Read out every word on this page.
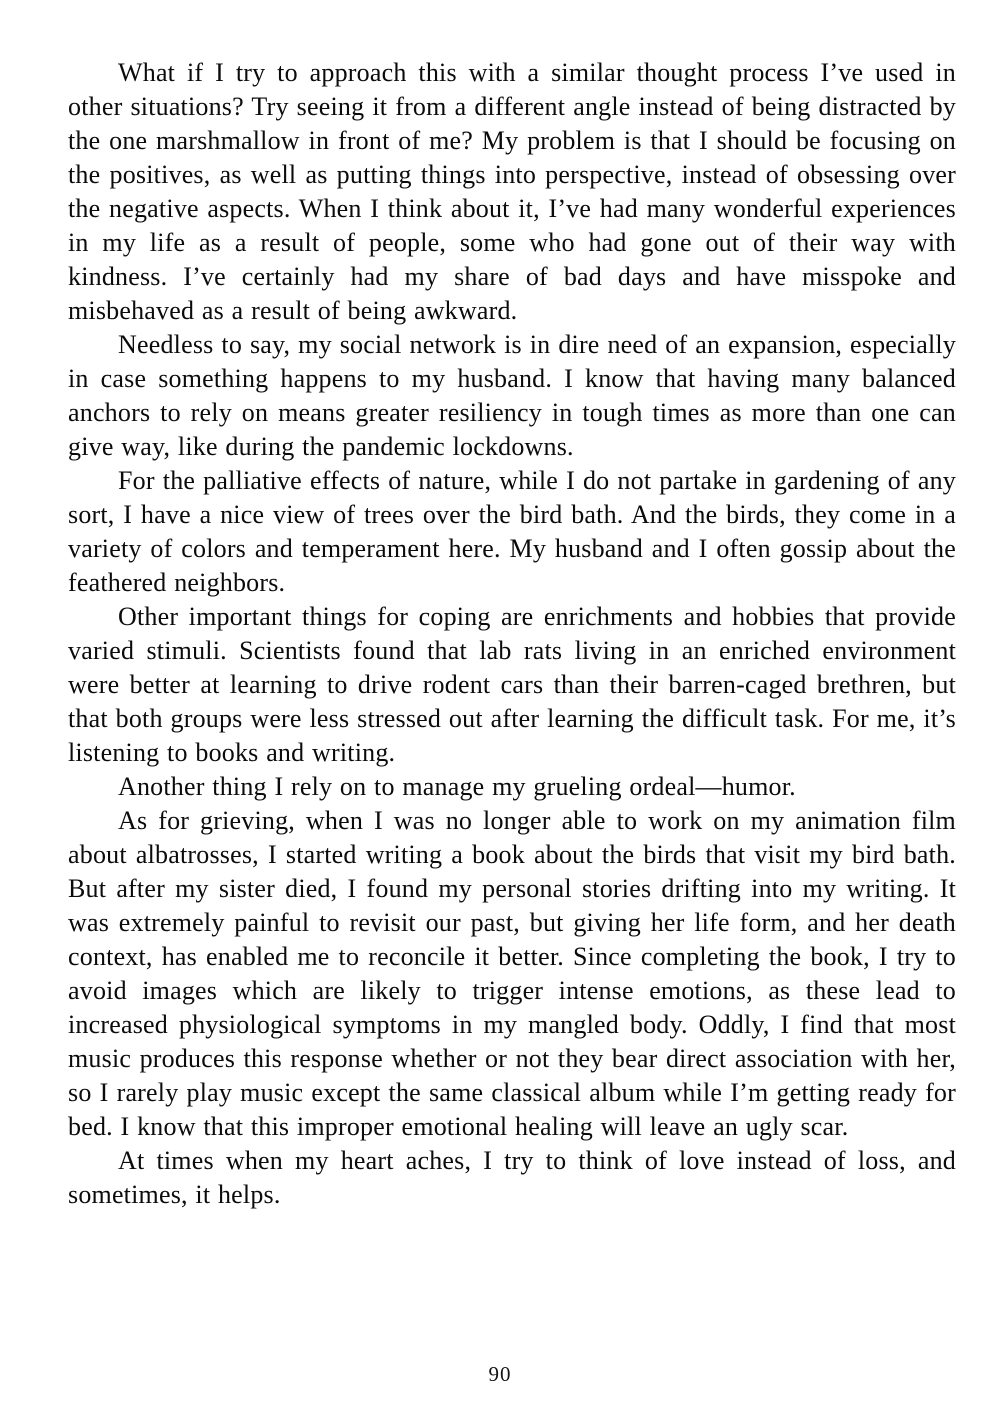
What if I try to approach this with a similar thought process I’ve used in other situations? Try seeing it from a different angle instead of being distracted by the one marshmallow in front of me? My problem is that I should be focusing on the positives, as well as putting things into perspective, instead of obsessing over the negative aspects. When I think about it, I’ve had many wonderful experiences in my life as a result of people, some who had gone out of their way with kindness. I’ve certainly had my share of bad days and have misspoke and misbehaved as a result of being awkward.

Needless to say, my social network is in dire need of an expansion, especially in case something happens to my husband. I know that having many balanced anchors to rely on means greater resiliency in tough times as more than one can give way, like during the pandemic lockdowns.

For the palliative effects of nature, while I do not partake in gardening of any sort, I have a nice view of trees over the bird bath. And the birds, they come in a variety of colors and temperament here. My husband and I often gossip about the feathered neighbors.

Other important things for coping are enrichments and hobbies that provide varied stimuli. Scientists found that lab rats living in an enriched environment were better at learning to drive rodent cars than their barren-caged brethren, but that both groups were less stressed out after learning the difficult task. For me, it’s listening to books and writing.

Another thing I rely on to manage my grueling ordeal—humor.

As for grieving, when I was no longer able to work on my animation film about albatrosses, I started writing a book about the birds that visit my bird bath. But after my sister died, I found my personal stories drifting into my writing. It was extremely painful to revisit our past, but giving her life form, and her death context, has enabled me to reconcile it better. Since completing the book, I try to avoid images which are likely to trigger intense emotions, as these lead to increased physiological symptoms in my mangled body. Oddly, I find that most music produces this response whether or not they bear direct association with her, so I rarely play music except the same classical album while I’m getting ready for bed. I know that this improper emotional healing will leave an ugly scar.

At times when my heart aches, I try to think of love instead of loss, and sometimes, it helps.

90
